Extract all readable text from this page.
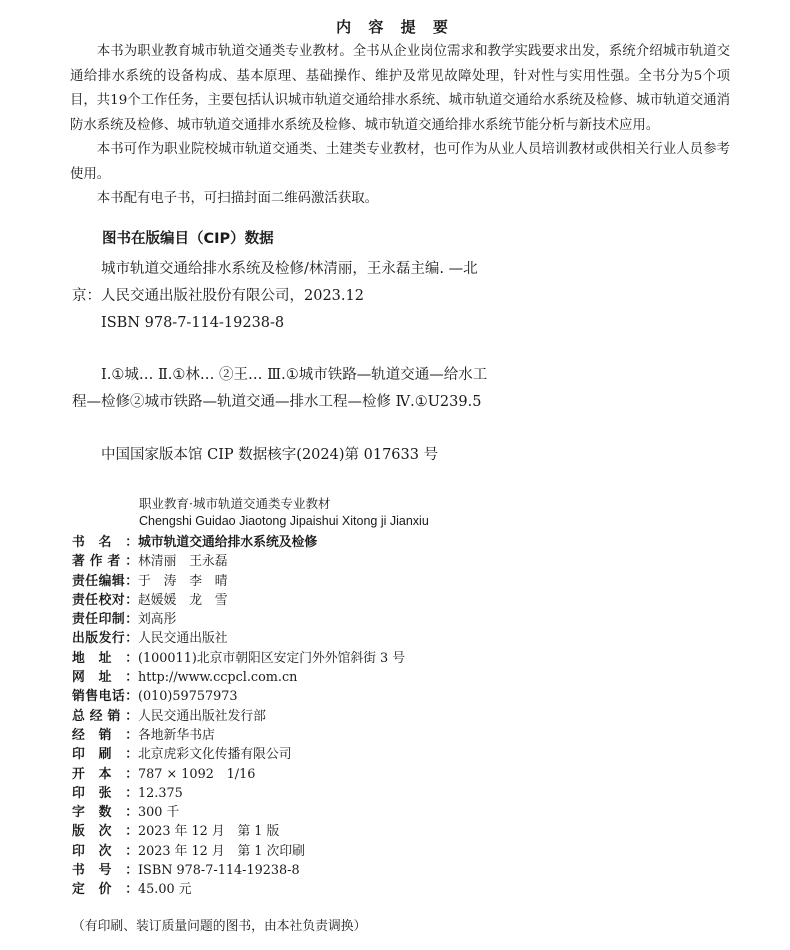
内 容 提 要

本书为职业教育城市轨道交通类专业教材。全书从企业岗位需求和教学实践要求出发，系统介绍城市轨道交通给排水系统的设备构成、基本原理、基础操作、维护及常见故障处理，针对性与实用性强。全书分为5个项目，共19个工作任务，主要包括认识城市轨道交通给排水系统、城市轨道交通给水系统及检修、城市轨道交通消防水系统及检修、城市轨道交通排水系统及检修、城市轨道交通给排水系统节能分析与新技术应用。

本书可作为职业院校城市轨道交通类、土建类专业教材，也可作为从业人员培训教材或供相关行业人员参考使用。

本书配有电子书，可扫描封面二维码激活获取。

图书在版编目（CIP）数据

城市轨道交通给排水系统及检修/林清丽，王永磊主编. —北京：人民交通出版社股份有限公司，2023.12

ISBN 978-7-114-19238-8

Ⅰ.①城… Ⅱ.①林… ②王… Ⅲ.①城市铁路—轨道交通—给水工程—检修②城市铁路—轨道交通—排水工程—检修 Ⅳ.①U239.5

中国国家版本馆 CIP 数据核字(2024)第 017633 号

职业教育·城市轨道交通类专业教材
Chengshi Guidao Jiaotong Jipaishui Xitong ji Jianxiu
书名：城市轨道交通给排水系统及检修
著作者：林清丽　王永磊
责任编辑：于　涛　李　晴
责任校对：赵媛媛　龙　雪
责任印制：刘高彤
出版发行：人民交通出版社
地址：(100011)北京市朝阳区安定门外外馆斜街 3 号
网址：http://www.ccpcl.com.cn
销售电话：(010)59757973
总经销：人民交通出版社发行部
经销：各地新华书店
印刷：北京虎彩文化传播有限公司
开本：787 × 1092　1/16
印张：12.375
字数：300 千
版次：2023 年 12 月　第 1 版
印次：2023 年 12 月　第 1 次印刷
书号：ISBN 978-7-114-19238-8
定价：45.00 元
（有印刷、装订质量问题的图书，由本社负责调换）
